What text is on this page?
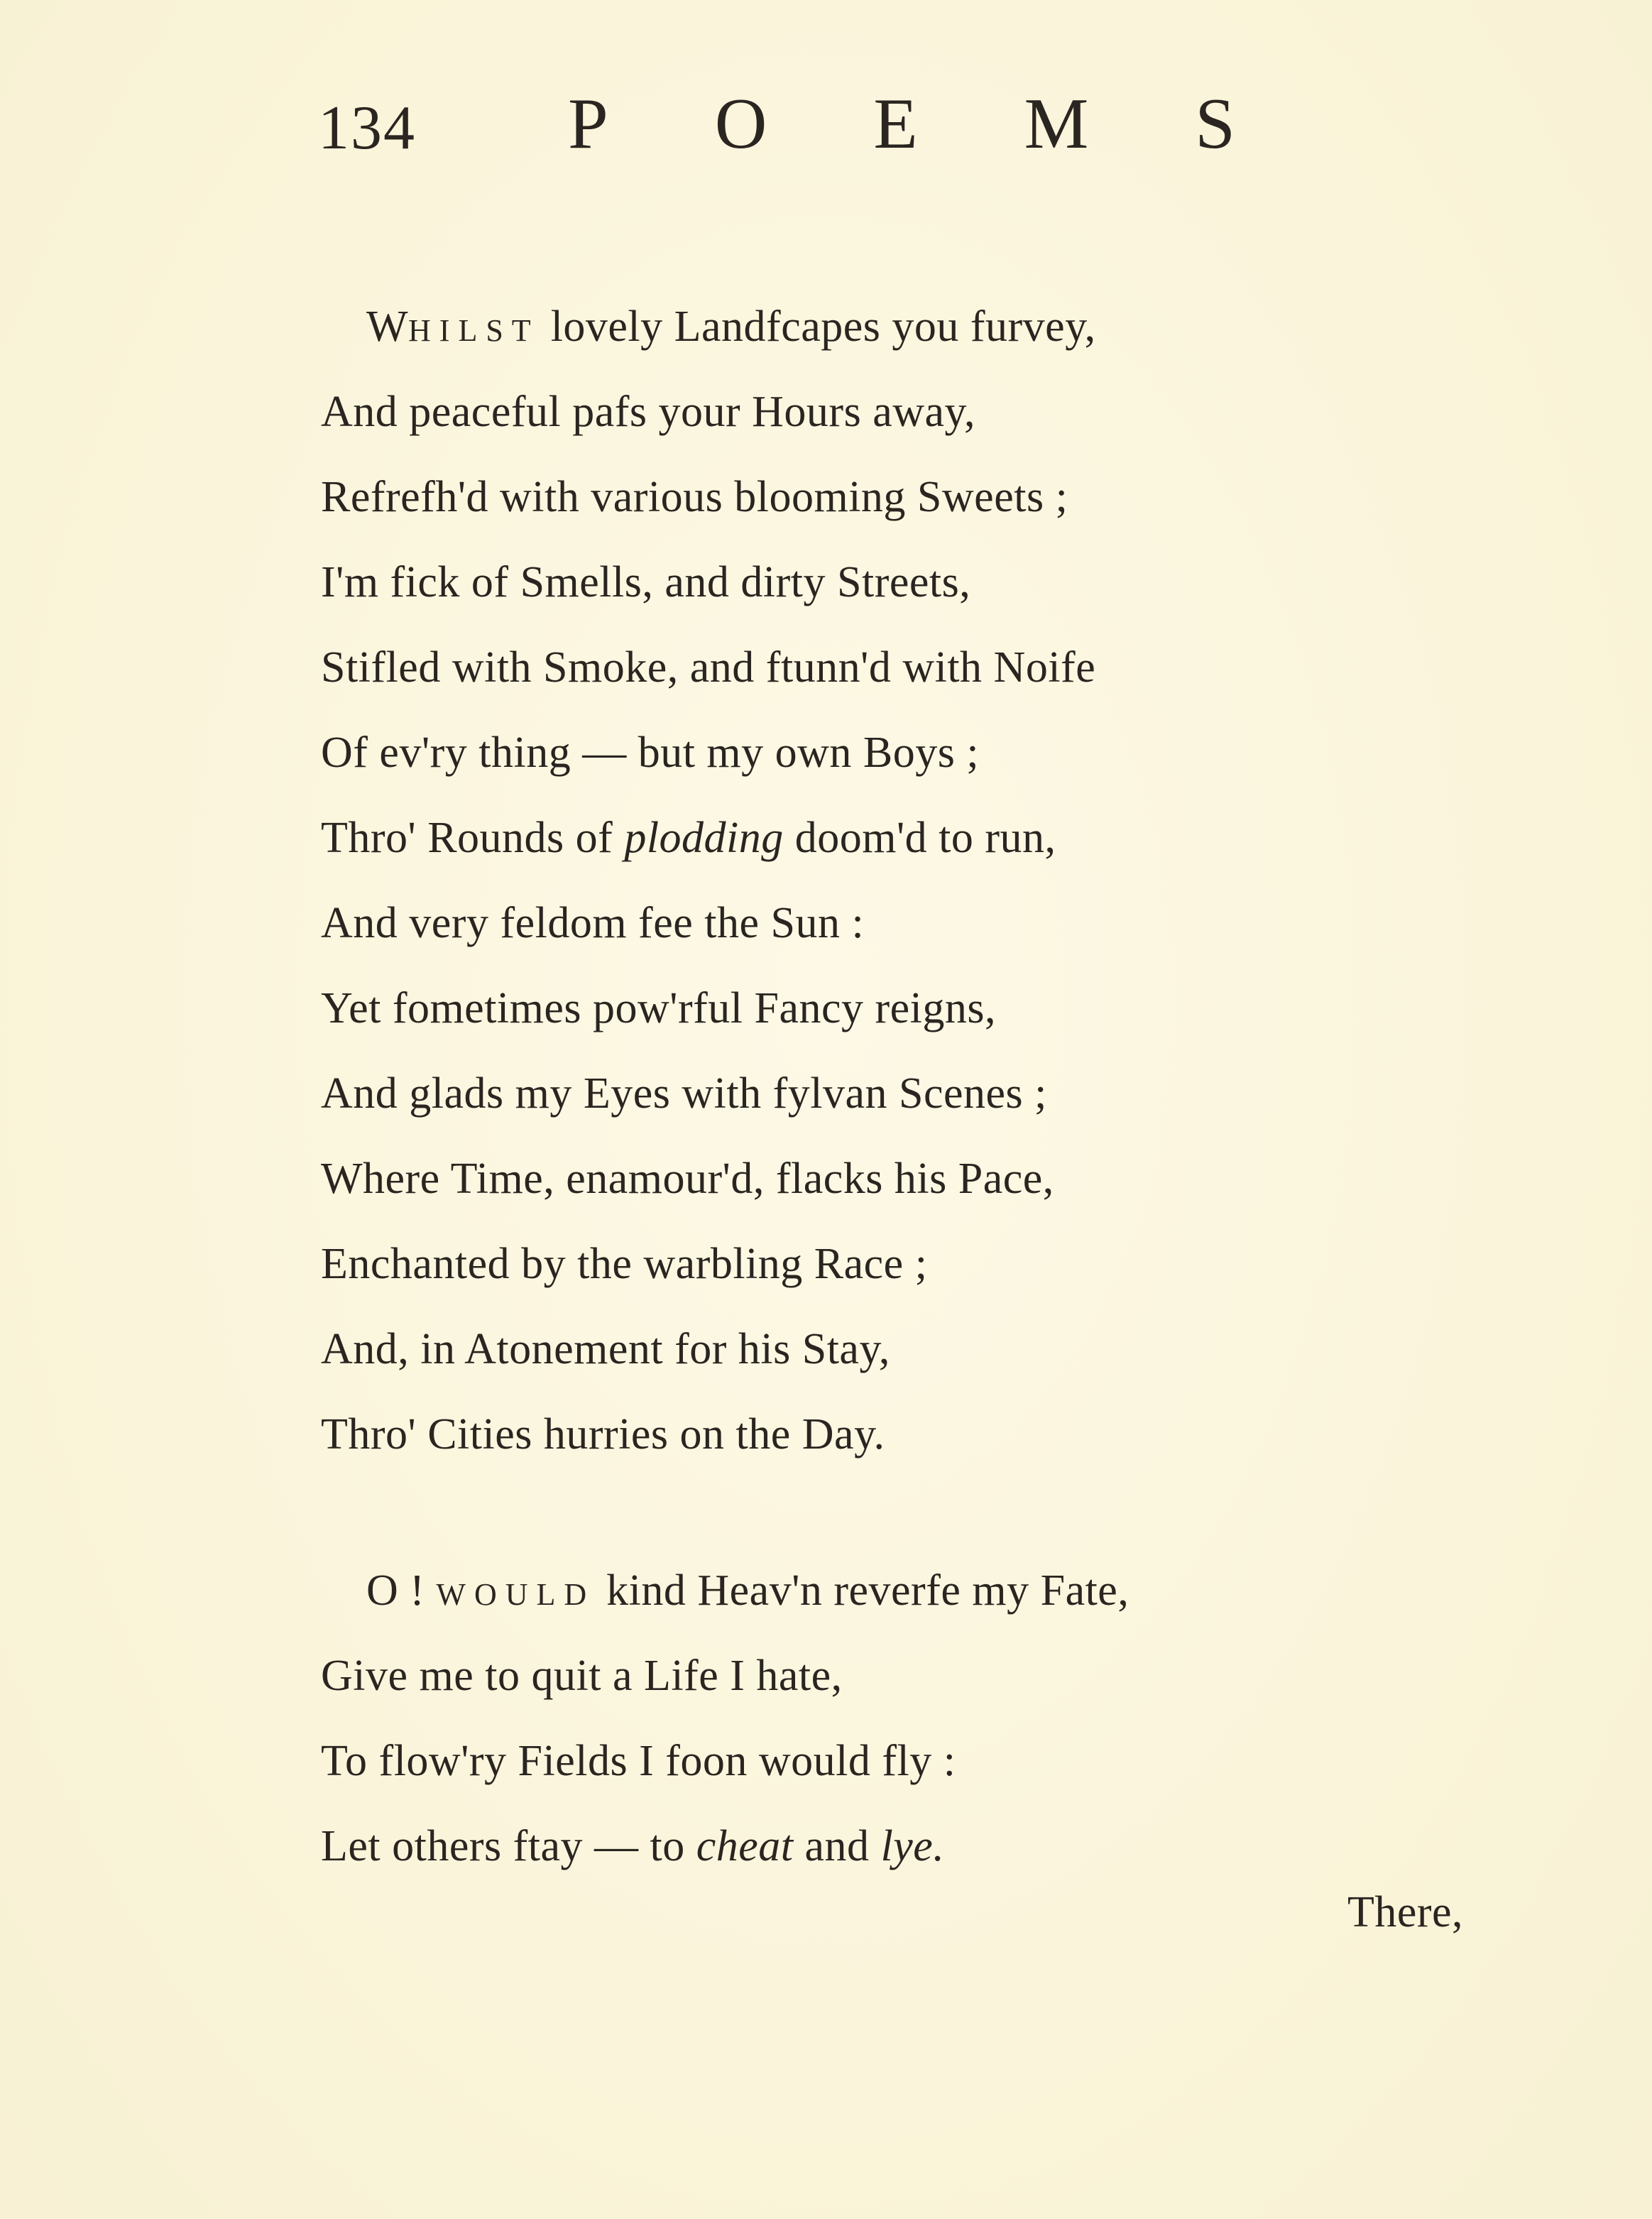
134 P O E M S
WHILST lovely Landfcapes you furvey,
And peaceful pafs your Hours away,
Refrefh'd with various blooming Sweets ;
I'm fick of Smells, and dirty Streets,
Stifled with Smoke, and ftunn'd with Noife
Of ev'ry thing — but my own Boys ;
Thro' Rounds of plodding doom'd to run,
And very feldom fee the Sun :
Yet fometimes pow'rful Fancy reigns,
And glads my Eyes with fylvan Scenes ;
Where Time, enamour'd, flacks his Pace,
Enchanted by the warbling Race ;
And, in Atonement for his Stay,
Thro' Cities hurries on the Day.
O ! WOULD kind Heav'n reverfe my Fate,
Give me to quit a Life I hate,
To flow'ry Fields I foon would fly :
Let others ftay — to cheat and lye.
There,
